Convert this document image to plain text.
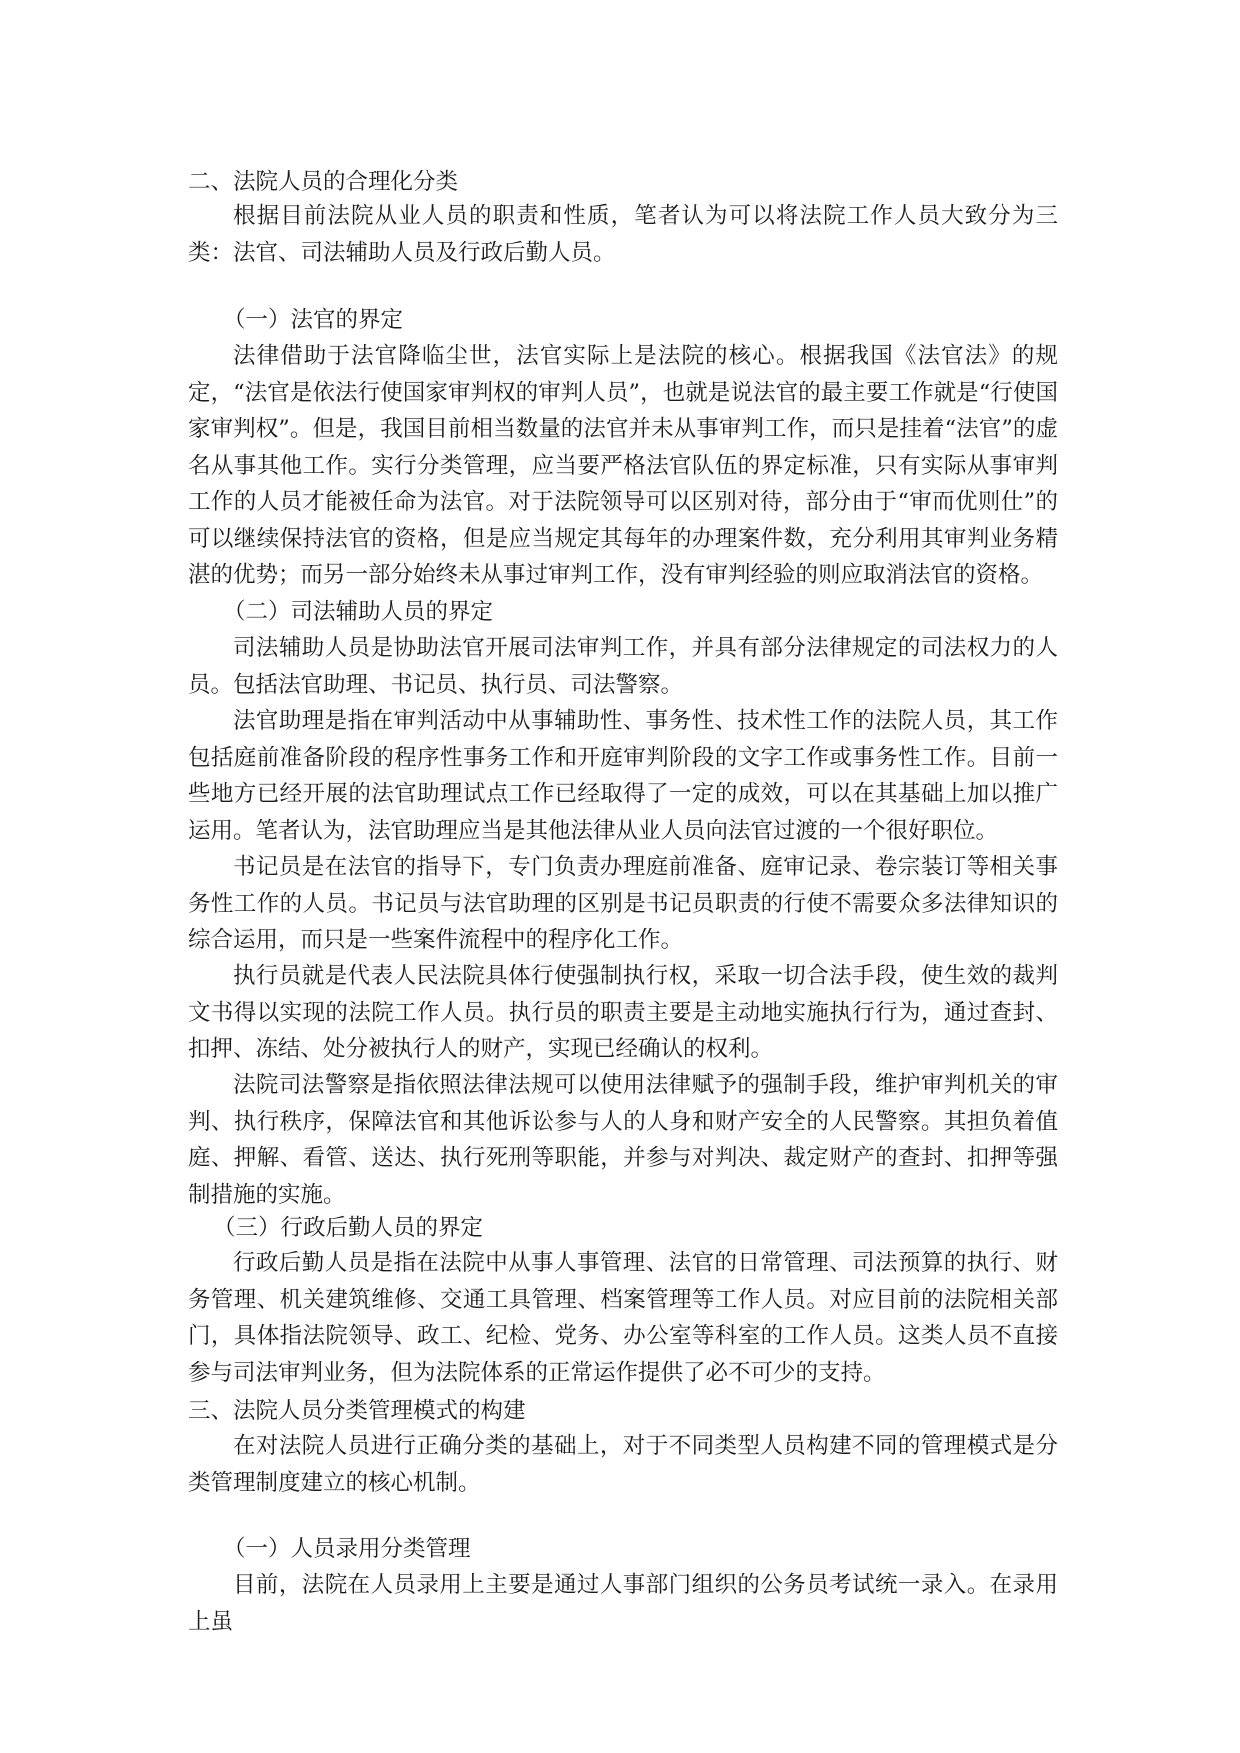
二、法院人员的合理化分类
根据目前法院从业人员的职责和性质，笔者认为可以将法院工作人员大致分为三类：法官、司法辅助人员及行政后勤人员。
（一）法官的界定
法律借助于法官降临尘世，法官实际上是法院的核心。根据我国《法官法》的规定，“法官是依法行使国家审判权的审判人员”，也就是说法官的最主要工作就是“行使国家审判权”。但是，我国目前相当数量的法官并未从事审判工作，而只是挂着“法官”的虚名从事其他工作。实行分类管理，应当要严格法官队伍的界定标准，只有实际从事审判工作的人员才能被任命为法官。对于法院领导可以区别对待，部分由于“审而优则仕”的可以继续保持法官的资格，但是应当规定其每年的办理案件数，充分利用其审判业务精湛的优势；而另一部分始终未从事过审判工作，没有审判经验的则应取消法官的资格。
（二）司法辅助人员的界定
司法辅助人员是协助法官开展司法审判工作，并具有部分法律规定的司法权力的人员。包括法官助理、书记员、执行员、司法警察。
法官助理是指在审判活动中从事辅助性、事务性、技术性工作的法院人员，其工作包括庭前准备阶段的程序性事务工作和开庭审判阶段的文字工作或事务性工作。目前一些地方已经开展的法官助理试点工作已经取得了一定的成效，可以在其基础上加以推广运用。笔者认为，法官助理应当是其他法律从业人员向法官过渡的一个很好职位。
书记员是在法官的指导下，专门负责办理庭前准备、庭审记录、卷宗装订等相关事务性工作的人员。书记员与法官助理的区别是书记员职责的行使不需要众多法律知识的综合运用，而只是一些案件流程中的程序化工作。
执行员就是代表人民法院具体行使强制执行权，采取一切合法手段，使生效的裁判文书得以实现的法院工作人员。执行员的职责主要是主动地实施执行行为，通过查封、扣押、冻结、处分被执行人的财产，实现已经确认的权利。
法院司法警察是指依照法律法规可以使用法律赋予的强制手段，维护审判机关的审判、执行秩序，保障法官和其他诉讼参与人的人身和财产安全的人民警察。其担负着值庭、押解、看管、送达、执行死刑等职能，并参与对判决、裁定财产的查封、扣押等强制措施的实施。
（三）行政后勤人员的界定
行政后勤人员是指在法院中从事人事管理、法官的日常管理、司法预算的执行、财务管理、机关建筑维修、交通工具管理、档案管理等工作人员。对应目前的法院相关部门，具体指法院领导、政工、纪检、党务、办公室等科室的工作人员。这类人员不直接参与司法审判业务，但为法院体系的正常运作提供了必不可少的支持。
三、法院人员分类管理模式的构建
在对法院人员进行正确分类的基础上，对于不同类型人员构建不同的管理模式是分类管理制度建立的核心机制。
（一）人员录用分类管理
目前，法院在人员录用上主要是通过人事部门组织的公务员考试统一录入。在录用上虽
